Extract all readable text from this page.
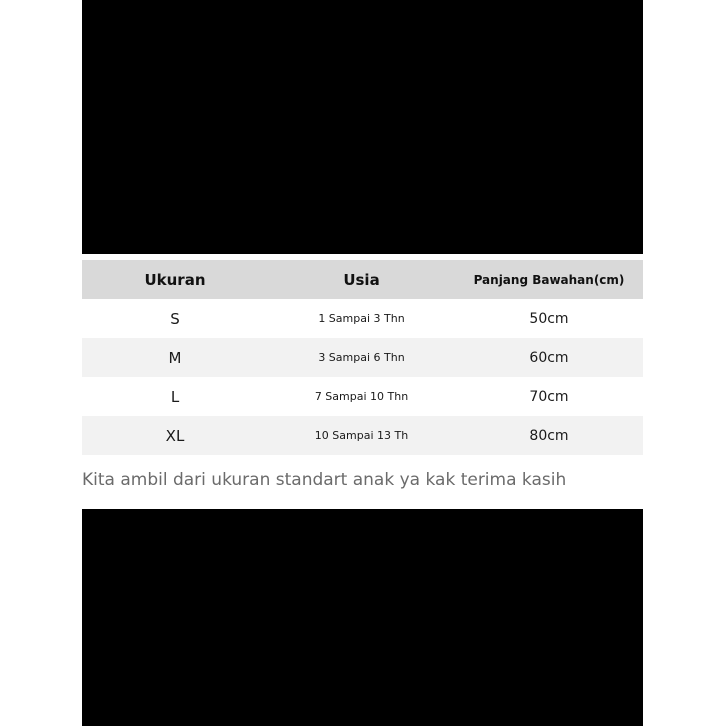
Ukuran	Usia	Panjang Bawahan(cm)
S	1 Sampai 3 Thn	50cm
M	3 Sampai 6 Thn	60cm
L	7 Sampai 10 Thn	70cm
XL	10 Sampai 13 Th	80cm
Kita ambil dari ukuran standart anak ya kak terima kasih
